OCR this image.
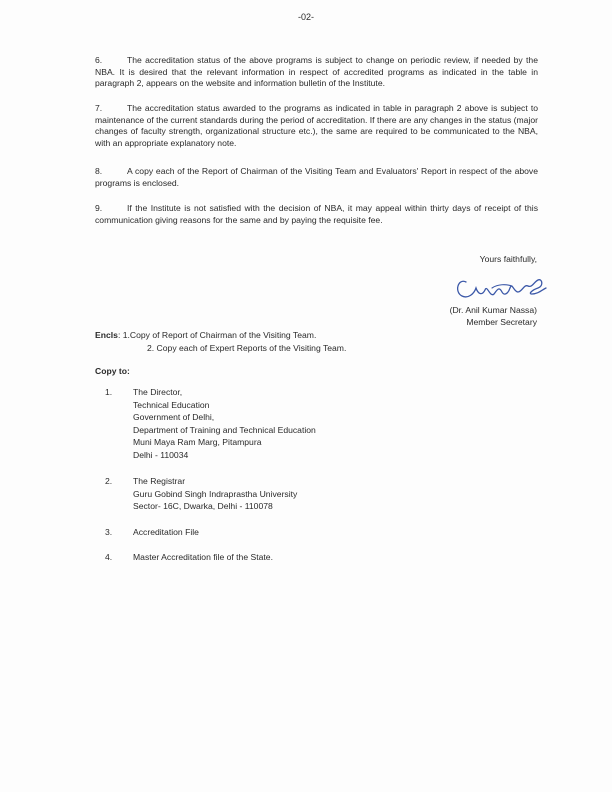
-02-

6.	The accreditation status of the above programs is subject to change on periodic review, if needed by the NBA. It is desired that the relevant information in respect of accredited programs as indicated in the table in paragraph 2, appears on the website and information bulletin of the Institute.

7.	The accreditation status awarded to the programs as indicated in table in paragraph 2 above is subject to maintenance of the current standards during the period of accreditation. If there are any changes in the status (major changes of faculty strength, organizational structure etc.), the same are required to be communicated to the NBA, with an appropriate explanatory note.

8.	A copy each of the Report of Chairman of the Visiting Team and Evaluators' Report in respect of the above programs is enclosed.

9.	If the Institute is not satisfied with the decision of NBA, it may appeal within thirty days of receipt of this communication giving reasons for the same and by paying the requisite fee.

Yours faithfully,
(Dr. Anil Kumar Nassa)
Member Secretary
Encls: 1.Copy of Report of Chairman of the Visiting Team.
2. Copy each of Expert Reports of the Visiting Team.
Copy to:
1.	The Director,
Technical Education
Government of Delhi,
Department of Training and Technical Education
Muni Maya Ram Marg, Pitampura
Delhi - 110034
2.	The Registrar
Guru Gobind Singh Indraprastha University
Sector- 16C, Dwarka, Delhi - 110078
3.	Accreditation File
4.	Master Accreditation file of the State.
